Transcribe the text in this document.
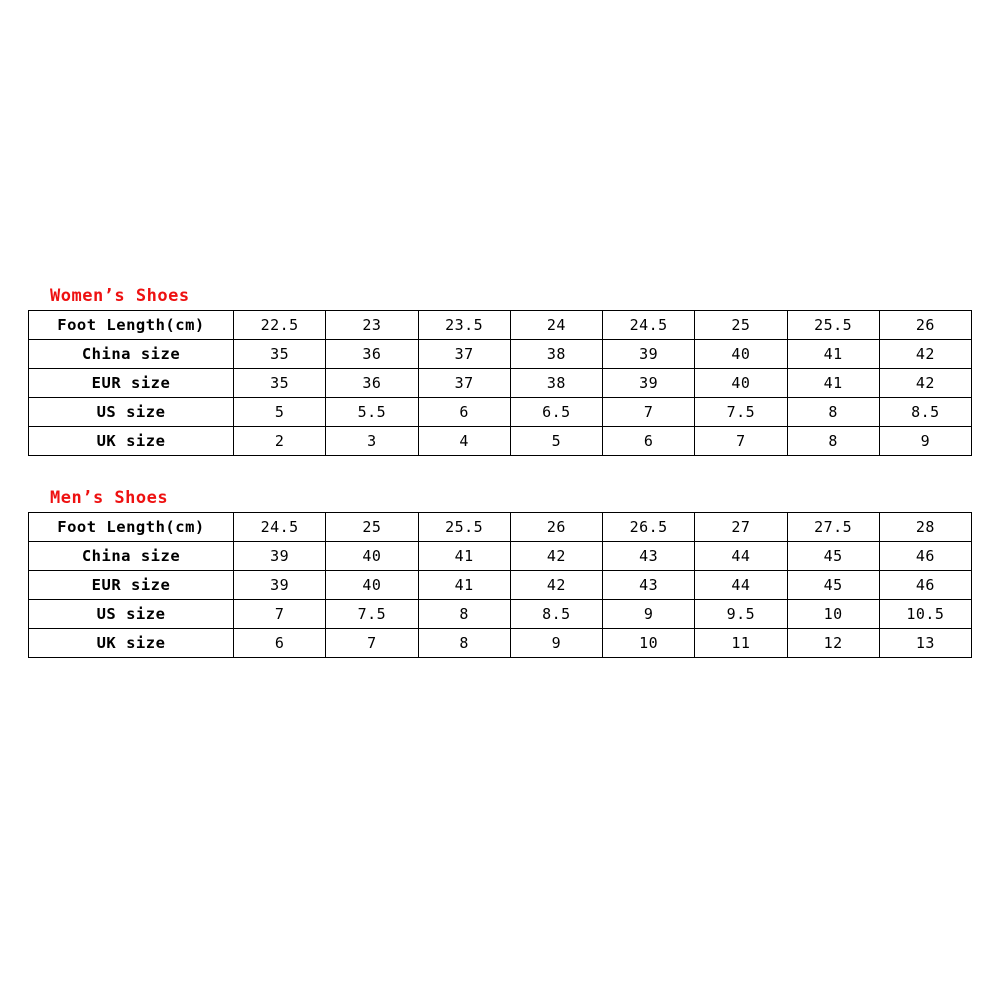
Women’s Shoes
Foot Length(cm)	22.5	23	23.5	24	24.5	25	25.5	26
China size	35	36	37	38	39	40	41	42
EUR size	35	36	37	38	39	40	41	42
US size	5	5.5	6	6.5	7	7.5	8	8.5
UK size	2	3	4	5	6	7	8	9
Men’s Shoes
Foot Length(cm)	24.5	25	25.5	26	26.5	27	27.5	28
China size	39	40	41	42	43	44	45	46
EUR size	39	40	41	42	43	44	45	46
US size	7	7.5	8	8.5	9	9.5	10	10.5
UK size	6	7	8	9	10	11	12	13
